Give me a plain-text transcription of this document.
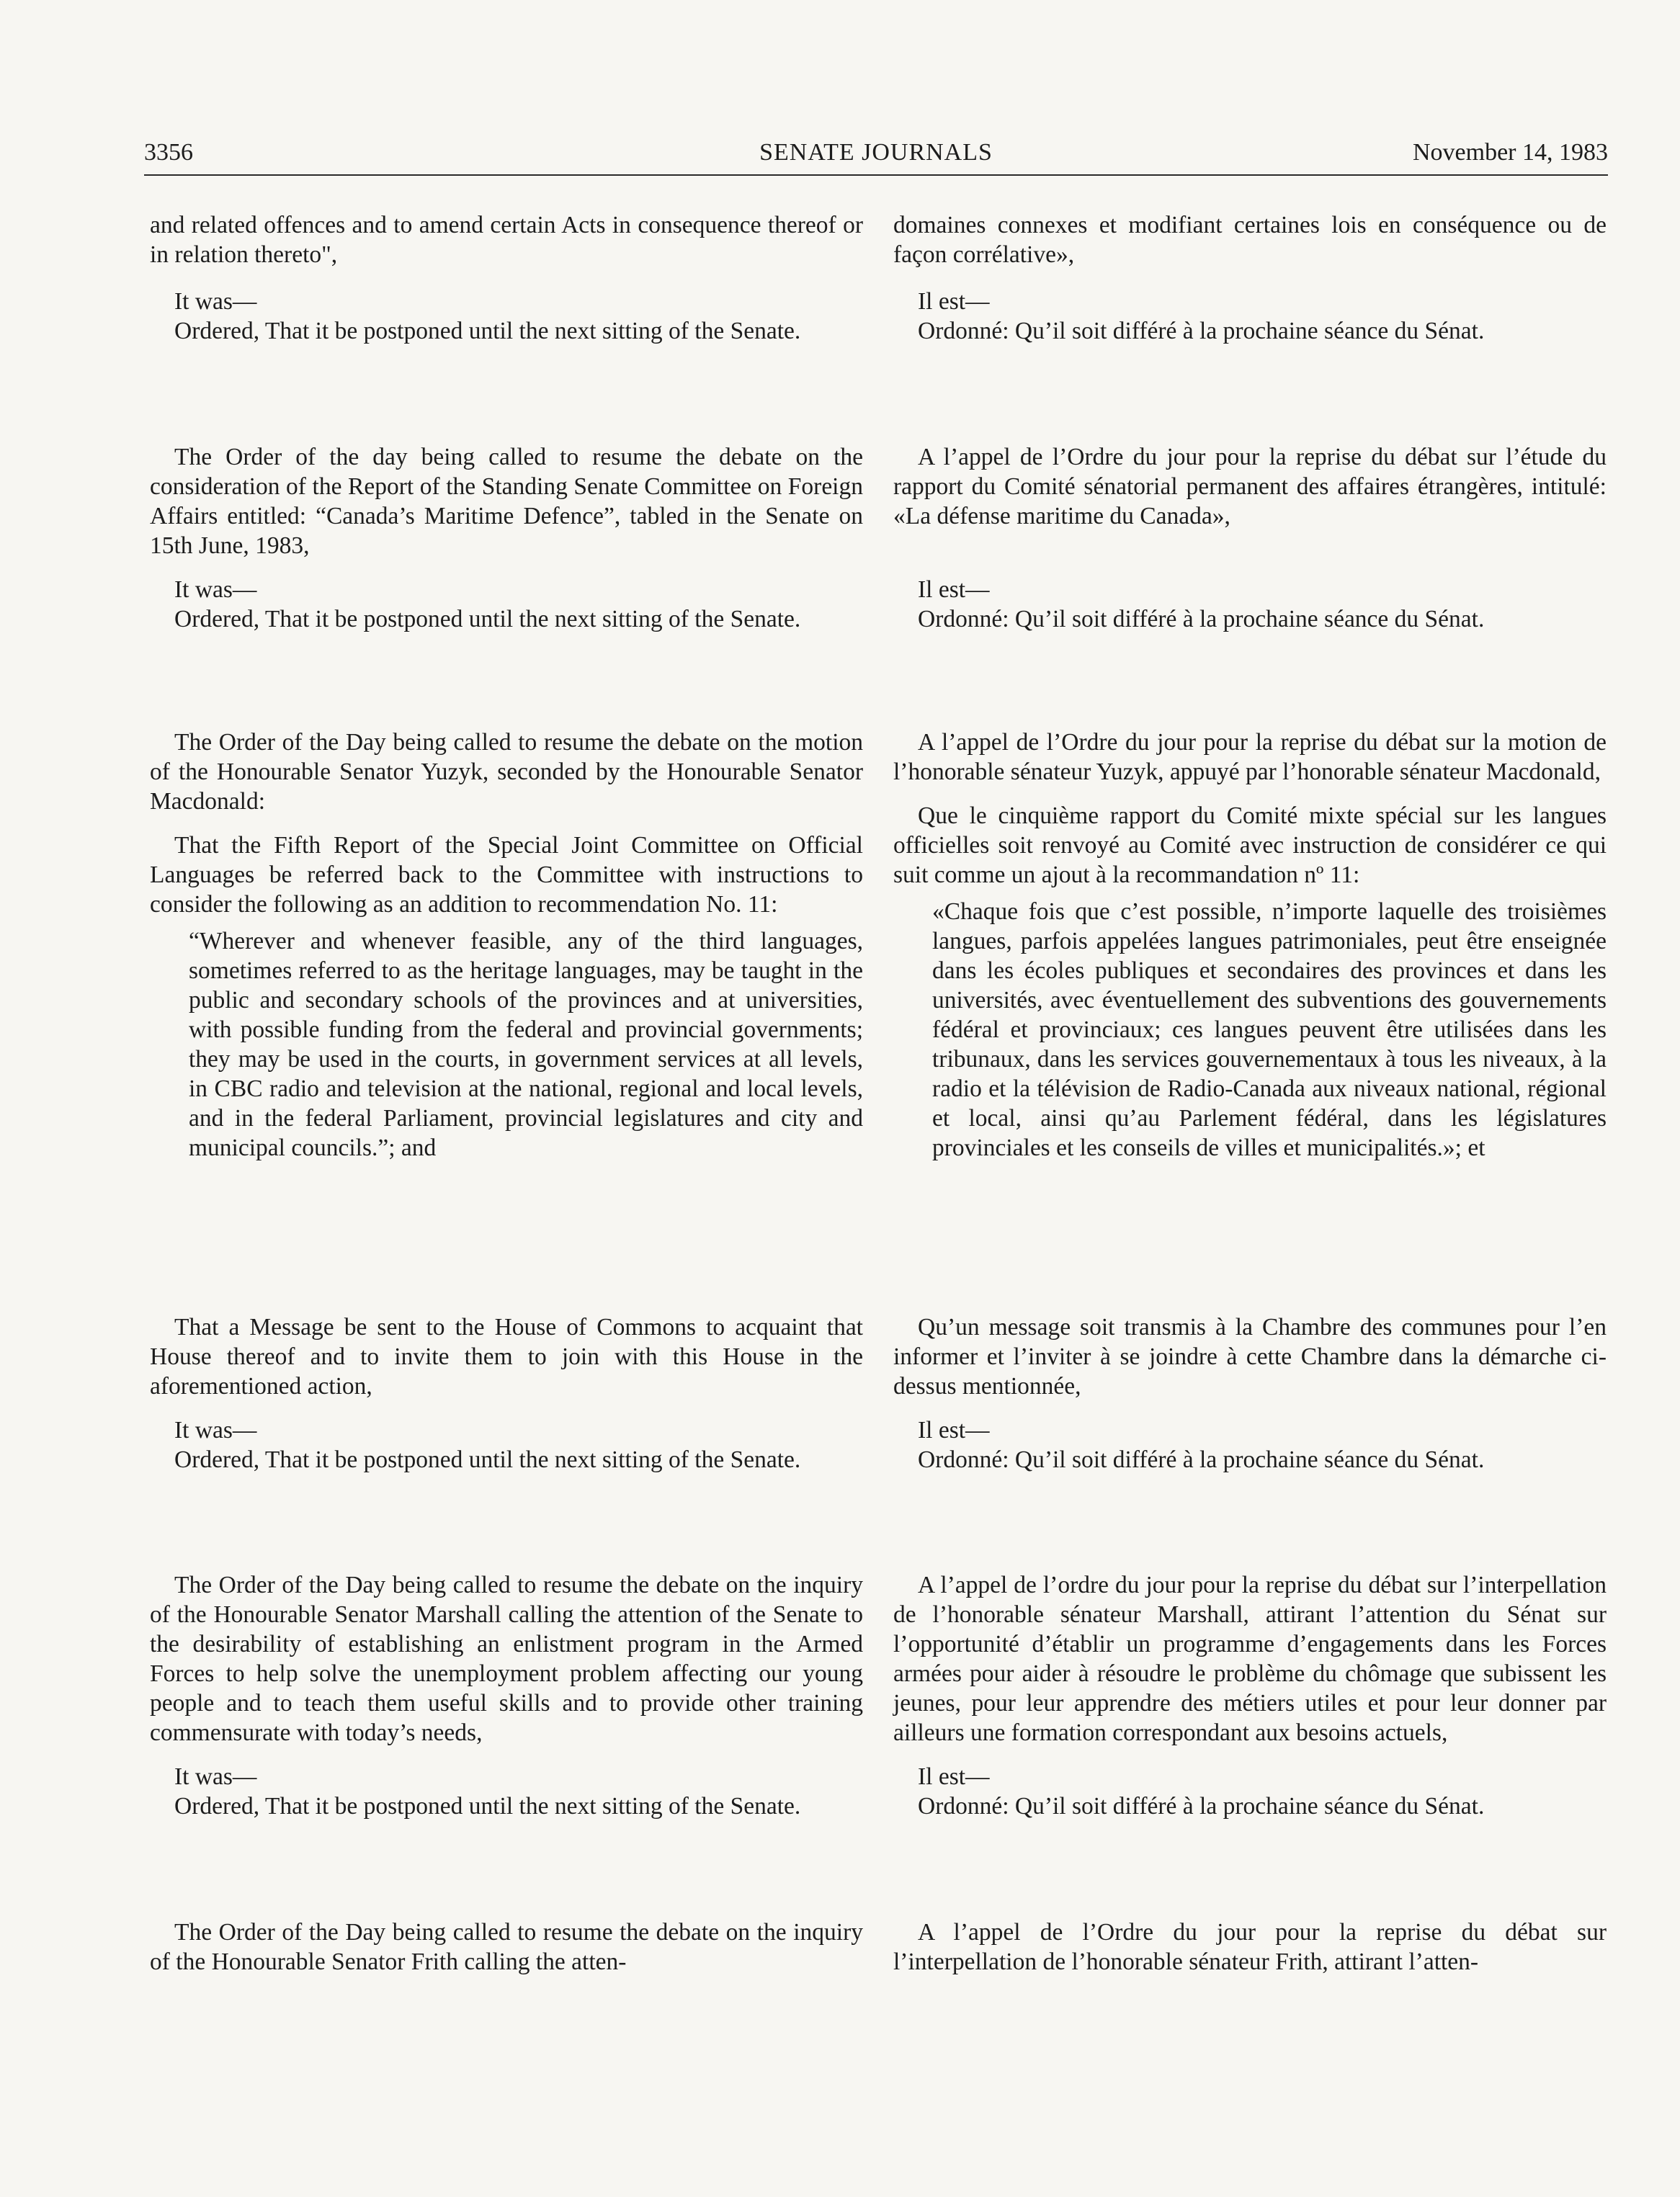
3356	SENATE JOURNALS	November 14, 1983

and related offences and to amend certain Acts in consequence thereof or in relation thereto",

It was—

Ordered, That it be postponed until the next sitting of the Senate.

The Order of the day being called to resume the debate on the consideration of the Report of the Standing Senate Committee on Foreign Affairs entitled: “Canada’s Maritime Defence”, tabled in the Senate on 15th June, 1983,

It was—

Ordered, That it be postponed until the next sitting of the Senate.

The Order of the Day being called to resume the debate on the motion of the Honourable Senator Yuzyk, seconded by the Honourable Senator Macdonald:

That the Fifth Report of the Special Joint Committee on Official Languages be referred back to the Committee with instructions to consider the following as an addition to recommendation No. 11:

“Wherever and whenever feasible, any of the third languages, sometimes referred to as the heritage languages, may be taught in the public and secondary schools of the provinces and at universities, with possible funding from the federal and provincial governments; they may be used in the courts, in government services at all levels, in CBC radio and television at the national, regional and local levels, and in the federal Parliament, provincial legislatures and city and municipal councils.”; and

That a Message be sent to the House of Commons to acquaint that House thereof and to invite them to join with this House in the aforementioned action,

It was—

Ordered, That it be postponed until the next sitting of the Senate.

The Order of the Day being called to resume the debate on the inquiry of the Honourable Senator Marshall calling the attention of the Senate to the desirability of establishing an enlistment program in the Armed Forces to help solve the unemployment problem affecting our young people and to teach them useful skills and to provide other training commensurate with today’s needs,

It was—

Ordered, That it be postponed until the next sitting of the Senate.

The Order of the Day being called to resume the debate on the inquiry of the Honourable Senator Frith calling the atten-

domaines connexes et modifiant certaines lois en conséquence ou de façon corrélative»,

Il est—

Ordonné: Qu’il soit différé à la prochaine séance du Sénat.

A l’appel de l’Ordre du jour pour la reprise du débat sur l’étude du rapport du Comité sénatorial permanent des affaires étrangères, intitulé: «La défense maritime du Canada»,

Il est—

Ordonné: Qu’il soit différé à la prochaine séance du Sénat.

A l’appel de l’Ordre du jour pour la reprise du débat sur la motion de l’honorable sénateur Yuzyk, appuyé par l’honorable sénateur Macdonald,

Que le cinquième rapport du Comité mixte spécial sur les langues officielles soit renvoyé au Comité avec instruction de considérer ce qui suit comme un ajout à la recommandation nº 11:

«Chaque fois que c’est possible, n’importe laquelle des troisièmes langues, parfois appelées langues patrimoniales, peut être enseignée dans les écoles publiques et secondaires des provinces et dans les universités, avec éventuellement des subventions des gouvernements fédéral et provinciaux; ces langues peuvent être utilisées dans les tribunaux, dans les services gouvernementaux à tous les niveaux, à la radio et la télévision de Radio-Canada aux niveaux national, régional et local, ainsi qu’au Parlement fédéral, dans les législatures provinciales et les conseils de villes et municipalités.»; et

Qu’un message soit transmis à la Chambre des communes pour l’en informer et l’inviter à se joindre à cette Chambre dans la démarche ci-dessus mentionnée,

Il est—

Ordonné: Qu’il soit différé à la prochaine séance du Sénat.

A l’appel de l’ordre du jour pour la reprise du débat sur l’interpellation de l’honorable sénateur Marshall, attirant l’attention du Sénat sur l’opportunité d’établir un programme d’engagements dans les Forces armées pour aider à résoudre le problème du chômage que subissent les jeunes, pour leur apprendre des métiers utiles et pour leur donner par ailleurs une formation correspondant aux besoins actuels,

Il est—

Ordonné: Qu’il soit différé à la prochaine séance du Sénat.

A l’appel de l’Ordre du jour pour la reprise du débat sur l’interpellation de l’honorable sénateur Frith, attirant l’atten-
